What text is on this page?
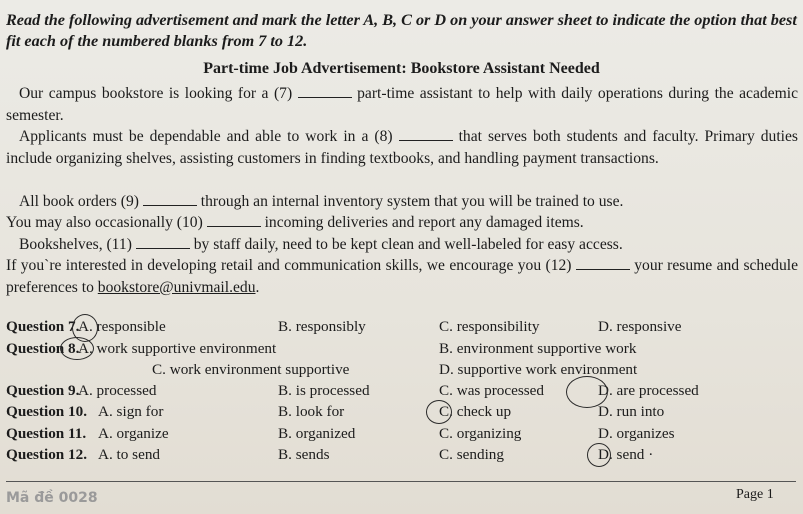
Read the following advertisement and mark the letter A, B, C or D on your answer sheet to indicate the option that best fit each of the numbered blanks from 7 to 12.
Part-time Job Advertisement: Bookstore Assistant Needed
Our campus bookstore is looking for a (7)	part-time assistant to help with daily operations during the academic semester.
Applicants must be dependable and able to work in a (8)	that serves both students and faculty. Primary duties include organizing shelves, assisting customers in finding textbooks, and handling payment transactions.
All book orders (9)	through an internal inventory system that you will be trained to use.
You may also occasionally (10)	incoming deliveries and report any damaged items.
Bookshelves, (11)	by staff daily, need to be kept clean and well-labeled for easy access.
If you`re interested in developing retail and communication skills, we encourage you (12)	your resume and schedule preferences to bookstore@univmail.edu.
Question 7.
A. responsible	B. responsibly	C. responsibility	D. responsive
Question 8.
A. work supportive environment	B. environment supportive work
C. work environment supportive	D. supportive work environment
Question 9.
A. processed	B. is processed	C. was processed	D. are processed
Question 10. A. sign for	B. look for	C. check up	D. run into
Question 11. A. organize	B. organized	C. organizing	D. organizes
Question 12. A. to send	B. sends	C. sending	D. send ·
Mã đề 0028	Page 1
